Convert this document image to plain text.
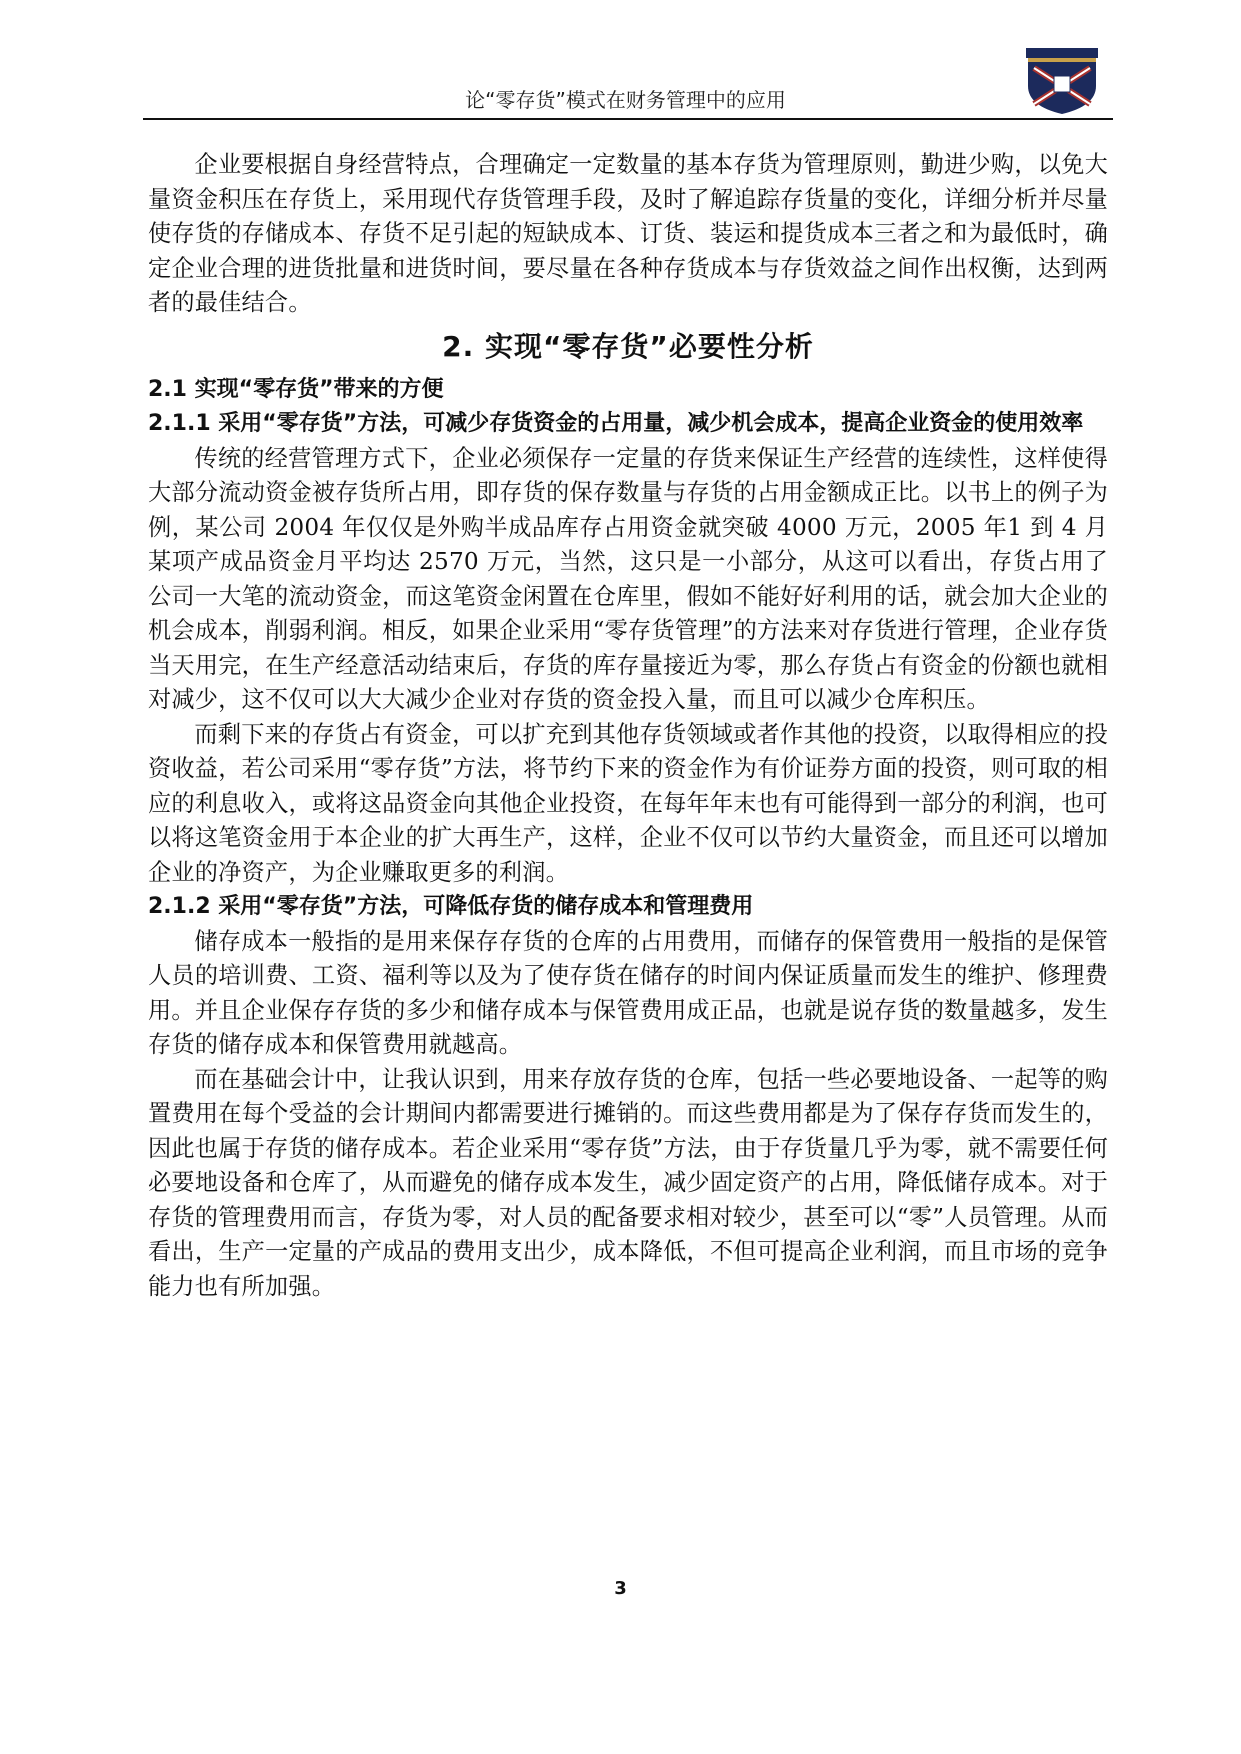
论“零存货”模式在财务管理中的应用

企业要根据自身经营特点，合理确定一定数量的基本存货为管理原则，勤进少购，以免大量资金积压在存货上，采用现代存货管理手段，及时了解追踪存货量的变化，详细分析并尽量使存货的存储成本、存货不足引起的短缺成本、订货、装运和提货成本三者之和为最低时，确定企业合理的进货批量和进货时间，要尽量在各种存货成本与存货效益之间作出权衡，达到两者的最佳结合。

2. 实现“零存货”必要性分析

2.1 实现“零存货”带来的方便

2.1.1 采用“零存货”方法，可减少存货资金的占用量，减少机会成本，提高企业资金的使用效率

传统的经营管理方式下，企业必须保存一定量的存货来保证生产经营的连续性，这样使得大部分流动资金被存货所占用，即存货的保存数量与存货的占用金额成正比。以书上的例子为例，某公司 2004 年仅仅是外购半成品库存占用资金就突破 4000 万元，2005 年1 到 4 月某项产成品资金月平均达 2570 万元，当然，这只是一小部分，从这可以看出，存货占用了公司一大笔的流动资金，而这笔资金闲置在仓库里，假如不能好好利用的话，就会加大企业的机会成本，削弱利润。相反，如果企业采用“零存货管理”的方法来对存货进行管理，企业存货当天用完，在生产经意活动结束后，存货的库存量接近为零，那么存货占有资金的份额也就相对减少，这不仅可以大大减少企业对存货的资金投入量，而且可以减少仓库积压。

而剩下来的存货占有资金，可以扩充到其他存货领域或者作其他的投资，以取得相应的投资收益，若公司采用“零存货”方法，将节约下来的资金作为有价证券方面的投资，则可取的相应的利息收入，或将这品资金向其他企业投资，在每年年末也有可能得到一部分的利润，也可以将这笔资金用于本企业的扩大再生产，这样，企业不仅可以节约大量资金，而且还可以增加企业的净资产，为企业赚取更多的利润。

2.1.2 采用“零存货”方法，可降低存货的储存成本和管理费用

储存成本一般指的是用来保存存货的仓库的占用费用，而储存的保管费用一般指的是保管人员的培训费、工资、福利等以及为了使存货在储存的时间内保证质量而发生的维护、修理费用。并且企业保存存货的多少和储存成本与保管费用成正品，也就是说存货的数量越多，发生存货的储存成本和保管费用就越高。

而在基础会计中，让我认识到，用来存放存货的仓库，包括一些必要地设备、一起等的购置费用在每个受益的会计期间内都需要进行摊销的。而这些费用都是为了保存存货而发生的，因此也属于存货的储存成本。若企业采用“零存货”方法，由于存货量几乎为零，就不需要任何必要地设备和仓库了，从而避免的储存成本发生，减少固定资产的占用，降低储存成本。对于存货的管理费用而言，存货为零，对人员的配备要求相对较少，甚至可以“零”人员管理。从而看出，生产一定量的产成品的费用支出少，成本降低，不但可提高企业利润，而且市场的竞争能力也有所加强。

3
